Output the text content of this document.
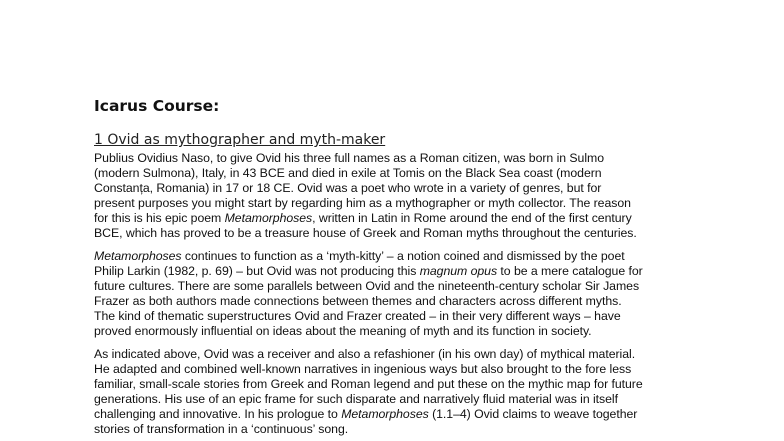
Icarus Course:
1 Ovid as mythographer and myth-maker

Publius Ovidius Naso, to give Ovid his three full names as a Roman citizen, was born in Sulmo
(modern Sulmona), Italy, in 43 BCE and died in exile at Tomis on the Black Sea coast (modern
Constanța, Romania) in 17 or 18 CE. Ovid was a poet who wrote in a variety of genres, but for
present purposes you might start by regarding him as a mythographer or myth collector. The reason
for this is his epic poem Metamorphoses, written in Latin in Rome around the end of the first century
BCE, which has proved to be a treasure house of Greek and Roman myths throughout the centuries.

Metamorphoses continues to function as a ‘myth-kitty’ – a notion coined and dismissed by the poet
Philip Larkin (1982, p. 69) – but Ovid was not producing this magnum opus to be a mere catalogue for
future cultures. There are some parallels between Ovid and the nineteenth-century scholar Sir James
Frazer as both authors made connections between themes and characters across different myths.
The kind of thematic superstructures Ovid and Frazer created – in their very different ways – have
proved enormously influential on ideas about the meaning of myth and its function in society.

As indicated above, Ovid was a receiver and also a refashioner (in his own day) of mythical material.
He adapted and combined well-known narratives in ingenious ways but also brought to the fore less
familiar, small-scale stories from Greek and Roman legend and put these on the mythic map for future
generations. His use of an epic frame for such disparate and narratively fluid material was in itself
challenging and innovative. In his prologue to Metamorphoses (1.1–4) Ovid claims to weave together
stories of transformation in a ‘continuous’ song.
